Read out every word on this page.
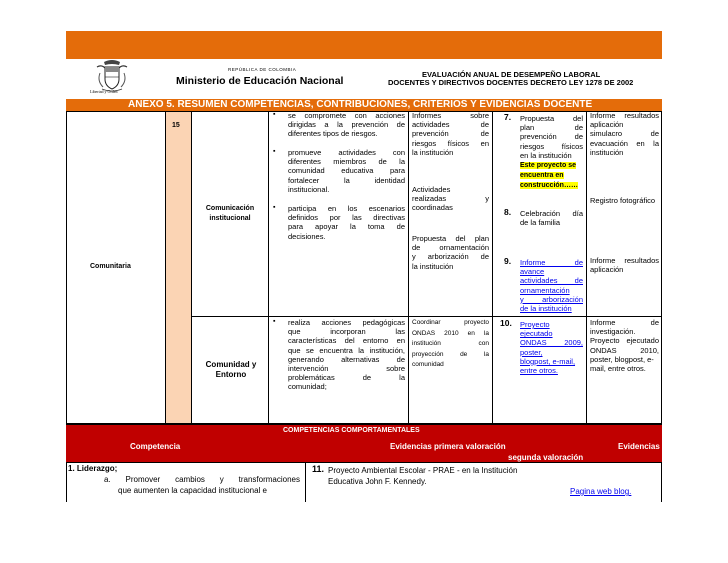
Libertad y Orden
REPÚBLICA DE COLOMBIA
Ministerio de Educación Nacional
EVALUACIÓN ANUAL DE DESEMPEÑO LABORAL
DOCENTES Y DIRECTIVOS DOCENTES DECRETO LEY 1278 DE 2002
ANEXO 5. RESUMEN COMPETENCIAS, CONTRIBUCIONES, CRITERIOS Y EVIDENCIAS DOCENTE
Comunitaria
15
Comunicación institucional
Comunidad y Entorno
▪ se compromete con acciones
dirigidas a la prevención de
diferentes tipos de riesgos.
▪ promueve actividades con
diferentes miembros de la
comunidad educativa para
fortalecer la identidad
institucional.
▪ participa en los escenarios
definidos por las directivas
para apoyar la toma de
decisiones.
▪ realiza acciones pedagógicas
que incorporan las
características del entorno en
que se encuentra la institución,
generando alternativas de
intervención sobre
problemáticas de la
comunidad;
Informes sobre
actividades de
prevención de
riesgos físicos en
la institución
Actividades
realizadas y
coordinadas
Propuesta del plan
de ornamentación
y arborización de
la institución
Coordinar proyecto
ONDAS 2010 en la
institución con
proyección de la
comunidad
7. Propuesta del
plan de
prevención de
riesgos físicos
en la institución
Este proyecto se
encuentra en
construcción……
8. Celebración día
de la familia
9. Informe de
avance
actividades de
ornamentación
y arborización
de la institución
10. Proyecto
ejecutado
ONDAS 2009,
poster,
blogpost, e-mail,
entre otros.
Informe resultados
aplicación
simulacro de
evacuación en la
institución
Registro fotográfico
Informe resultados
aplicación
Informe de
investigación.
Proyecto ejecutado
ONDAS 2010,
poster, blogpost, e-
mail, entre otros.
COMPETENCIAS COMPORTAMENTALES
Competencia	Evidencias primera valoración	Evidencias
segunda valoración
1. Liderazgo;
a. Promover cambios y transformaciones
que aumenten la capacidad institucional e
11. Proyecto Ambiental Escolar - PRAE - en la Institución
Educativa John F. Kennedy.
Pagina web blog.
